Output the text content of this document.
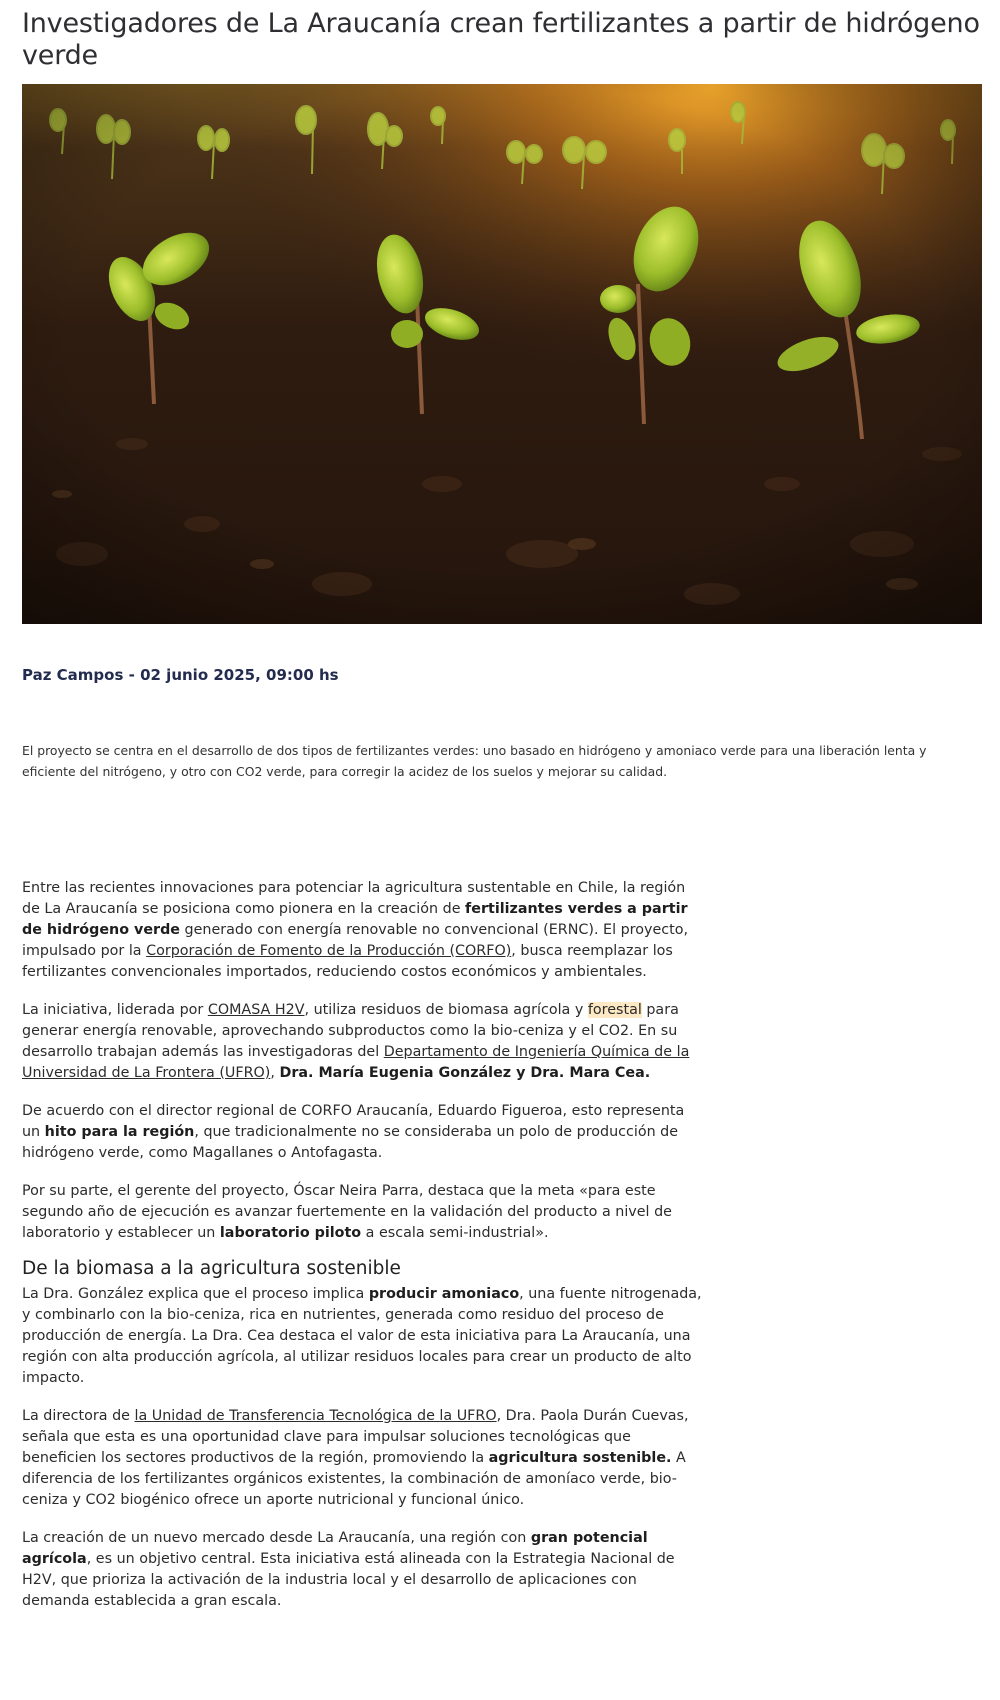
Investigadores de La Araucanía crean fertilizantes a partir de hidrógeno verde
Paz Campos - 02 junio 2025, 09:00 hs

El proyecto se centra en el desarrollo de dos tipos de fertilizantes verdes: uno basado en hidrógeno y amoniaco verde para una liberación lenta y eficiente del nitrógeno, y otro con CO2 verde, para corregir la acidez de los suelos y mejorar su calidad.

Entre las recientes innovaciones para potenciar la agricultura sustentable en Chile, la región de La Araucanía se posiciona como pionera en la creación de fertilizantes verdes a partir de hidrógeno verde generado con energía renovable no convencional (ERNC). El proyecto, impulsado por la Corporación de Fomento de la Producción (CORFO), busca reemplazar los fertilizantes convencionales importados, reduciendo costos económicos y ambientales.

La iniciativa, liderada por COMASA H2V, utiliza residuos de biomasa agrícola y forestal para generar energía renovable, aprovechando subproductos como la bio-ceniza y el CO2. En su desarrollo trabajan además las investigadoras del Departamento de Ingeniería Química de la Universidad de La Frontera (UFRO), Dra. María Eugenia González y Dra. Mara Cea.

De acuerdo con el director regional de CORFO Araucanía, Eduardo Figueroa, esto representa un hito para la región, que tradicionalmente no se consideraba un polo de producción de hidrógeno verde, como Magallanes o Antofagasta.

Por su parte, el gerente del proyecto, Óscar Neira Parra, destaca que la meta «para este segundo año de ejecución es avanzar fuertemente en la validación del producto a nivel de laboratorio y establecer un laboratorio piloto a escala semi-industrial».

De la biomasa a la agricultura sostenible

La Dra. González explica que el proceso implica producir amoniaco, una fuente nitrogenada, y combinarlo con la bio-ceniza, rica en nutrientes, generada como residuo del proceso de producción de energía. La Dra. Cea destaca el valor de esta iniciativa para La Araucanía, una región con alta producción agrícola, al utilizar residuos locales para crear un producto de alto impacto.

La directora de la Unidad de Transferencia Tecnológica de la UFRO, Dra. Paola Durán Cuevas, señala que esta es una oportunidad clave para impulsar soluciones tecnológicas que beneficien los sectores productivos de la región, promoviendo la agricultura sostenible. A diferencia de los fertilizantes orgánicos existentes, la combinación de amoníaco verde, bio-ceniza y CO2 biogénico ofrece un aporte nutricional y funcional único.

La creación de un nuevo mercado desde La Araucanía, una región con gran potencial agrícola, es un objetivo central. Esta iniciativa está alineada con la Estrategia Nacional de H2V, que prioriza la activación de la industria local y el desarrollo de aplicaciones con demanda establecida a gran escala.
